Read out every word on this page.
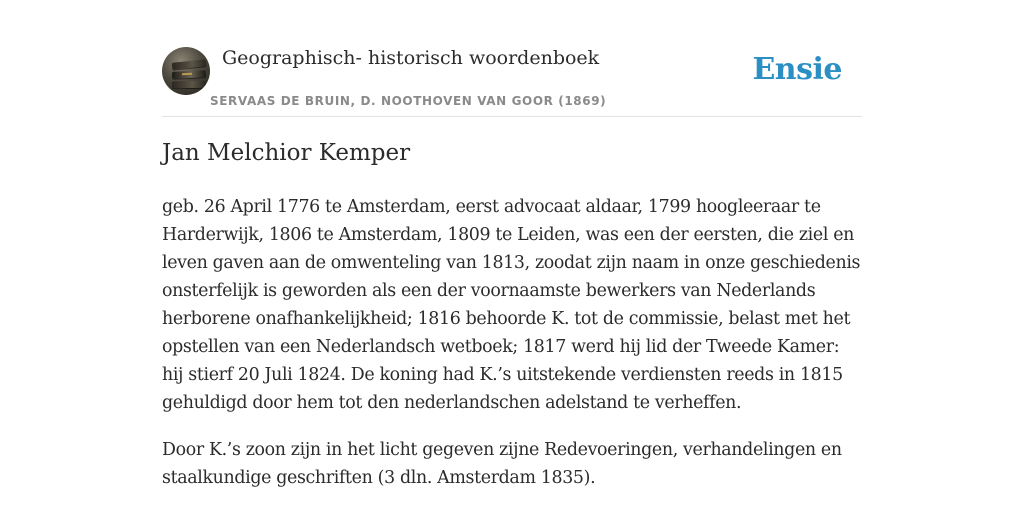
Geographisch- historisch woordenboek
SERVAAS DE BRUIN, D. NOOTHOVEN VAN GOOR (1869)
Ensie
Jan Melchior Kemper

geb. 26 April 1776 te Amsterdam, eerst advocaat aldaar, 1799 hoogleeraar te Harderwijk, 1806 te Amsterdam, 1809 te Leiden, was een der eersten, die ziel en leven gaven aan de omwenteling van 1813, zoodat zijn naam in onze geschiedenis onsterfelijk is geworden als een der voornaamste bewerkers van Nederlands herborene onafhankelijkheid; 1816 behoorde K. tot de commissie, belast met het opstellen van een Nederlandsch wetboek; 1817 werd hij lid der Tweede Kamer: hij stierf 20 Juli 1824. De koning had K.’s uitstekende verdiensten reeds in 1815 gehuldigd door hem tot den nederlandschen adelstand te verheffen.

Door K.’s zoon zijn in het licht gegeven zijne Redevoeringen, verhandelingen en staalkundige geschriften (3 dln. Amsterdam 1835).
